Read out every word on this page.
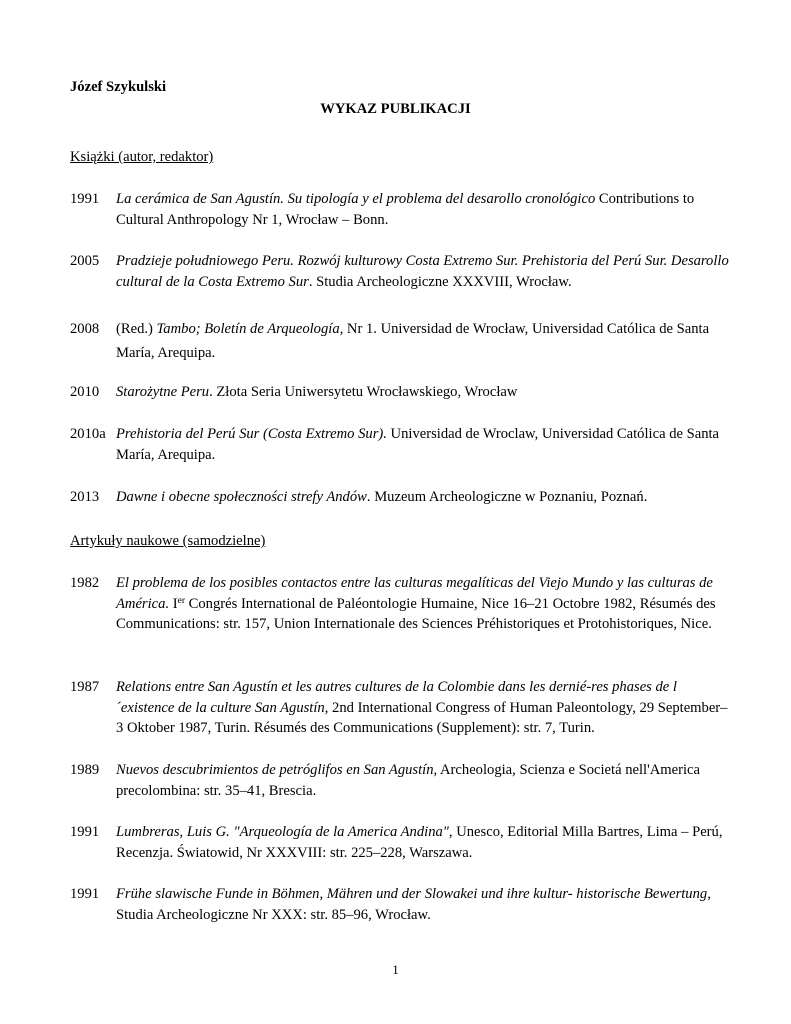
Józef Szykulski
WYKAZ PUBLIKACJI
Książki (autor, redaktor)
1991 La cerámica de San Agustín. Su tipología y el problema del desarollo cronológico Contributions to Cultural Anthropology Nr 1, Wrocław – Bonn.
2005 Pradzieje południowego Peru. Rozwój kulturowy Costa Extremo Sur. Prehistoria del Perú Sur. Desarollo cultural de la Costa Extremo Sur. Studia Archeologiczne XXXVIII, Wrocław.
2008 (Red.) Tambo; Boletín de Arqueología, Nr 1. Universidad de Wrocław, Universidad Católica de Santa María, Arequipa.
2010 Starożytne Peru. Złota Seria Uniwersytetu Wrocławskiego, Wrocław
2010a Prehistoria del Perú Sur (Costa Extremo Sur). Universidad de Wroclaw, Universidad Católica de Santa María, Arequipa.
2013 Dawne i obecne społeczności strefy Andów. Muzeum Archeologiczne w Poznaniu, Poznań.
Artykuły naukowe (samodzielne)
1982 El problema de los posibles contactos entre las culturas megalíticas del Viejo Mundo y las culturas de América. Ier Congrés International de Paléontologie Humaine, Nice 16–21 Octobre 1982, Résumés des Communications: str. 157, Union Internationale des Sciences Préhistoriques et Protohistoriques, Nice.
1987 Relations entre San Agustín et les autres cultures de la Colombie dans les dernié-res phases de l´existence de la culture San Agustín, 2nd International Congress of Human Paleontology, 29 September–3 Oktober 1987, Turin. Résumés des Communications (Supplement): str. 7, Turin.
1989 Nuevos descubrimientos de petróglifos en San Agustín, Archeologia, Scienza e Societá nell'America precolombina: str. 35–41, Brescia.
1991 Lumbreras, Luis G. "Arqueología de la America Andina", Unesco, Editorial Milla Bartres, Lima – Perú, Recenzja. Światowid, Nr XXXVIII: str. 225–228, Warszawa.
1991 Frühe slawische Funde in Böhmen, Mähren und der Slowakei und ihre kultur- historische Bewertung, Studia Archeologiczne Nr XXX: str. 85–96, Wrocław.
1
